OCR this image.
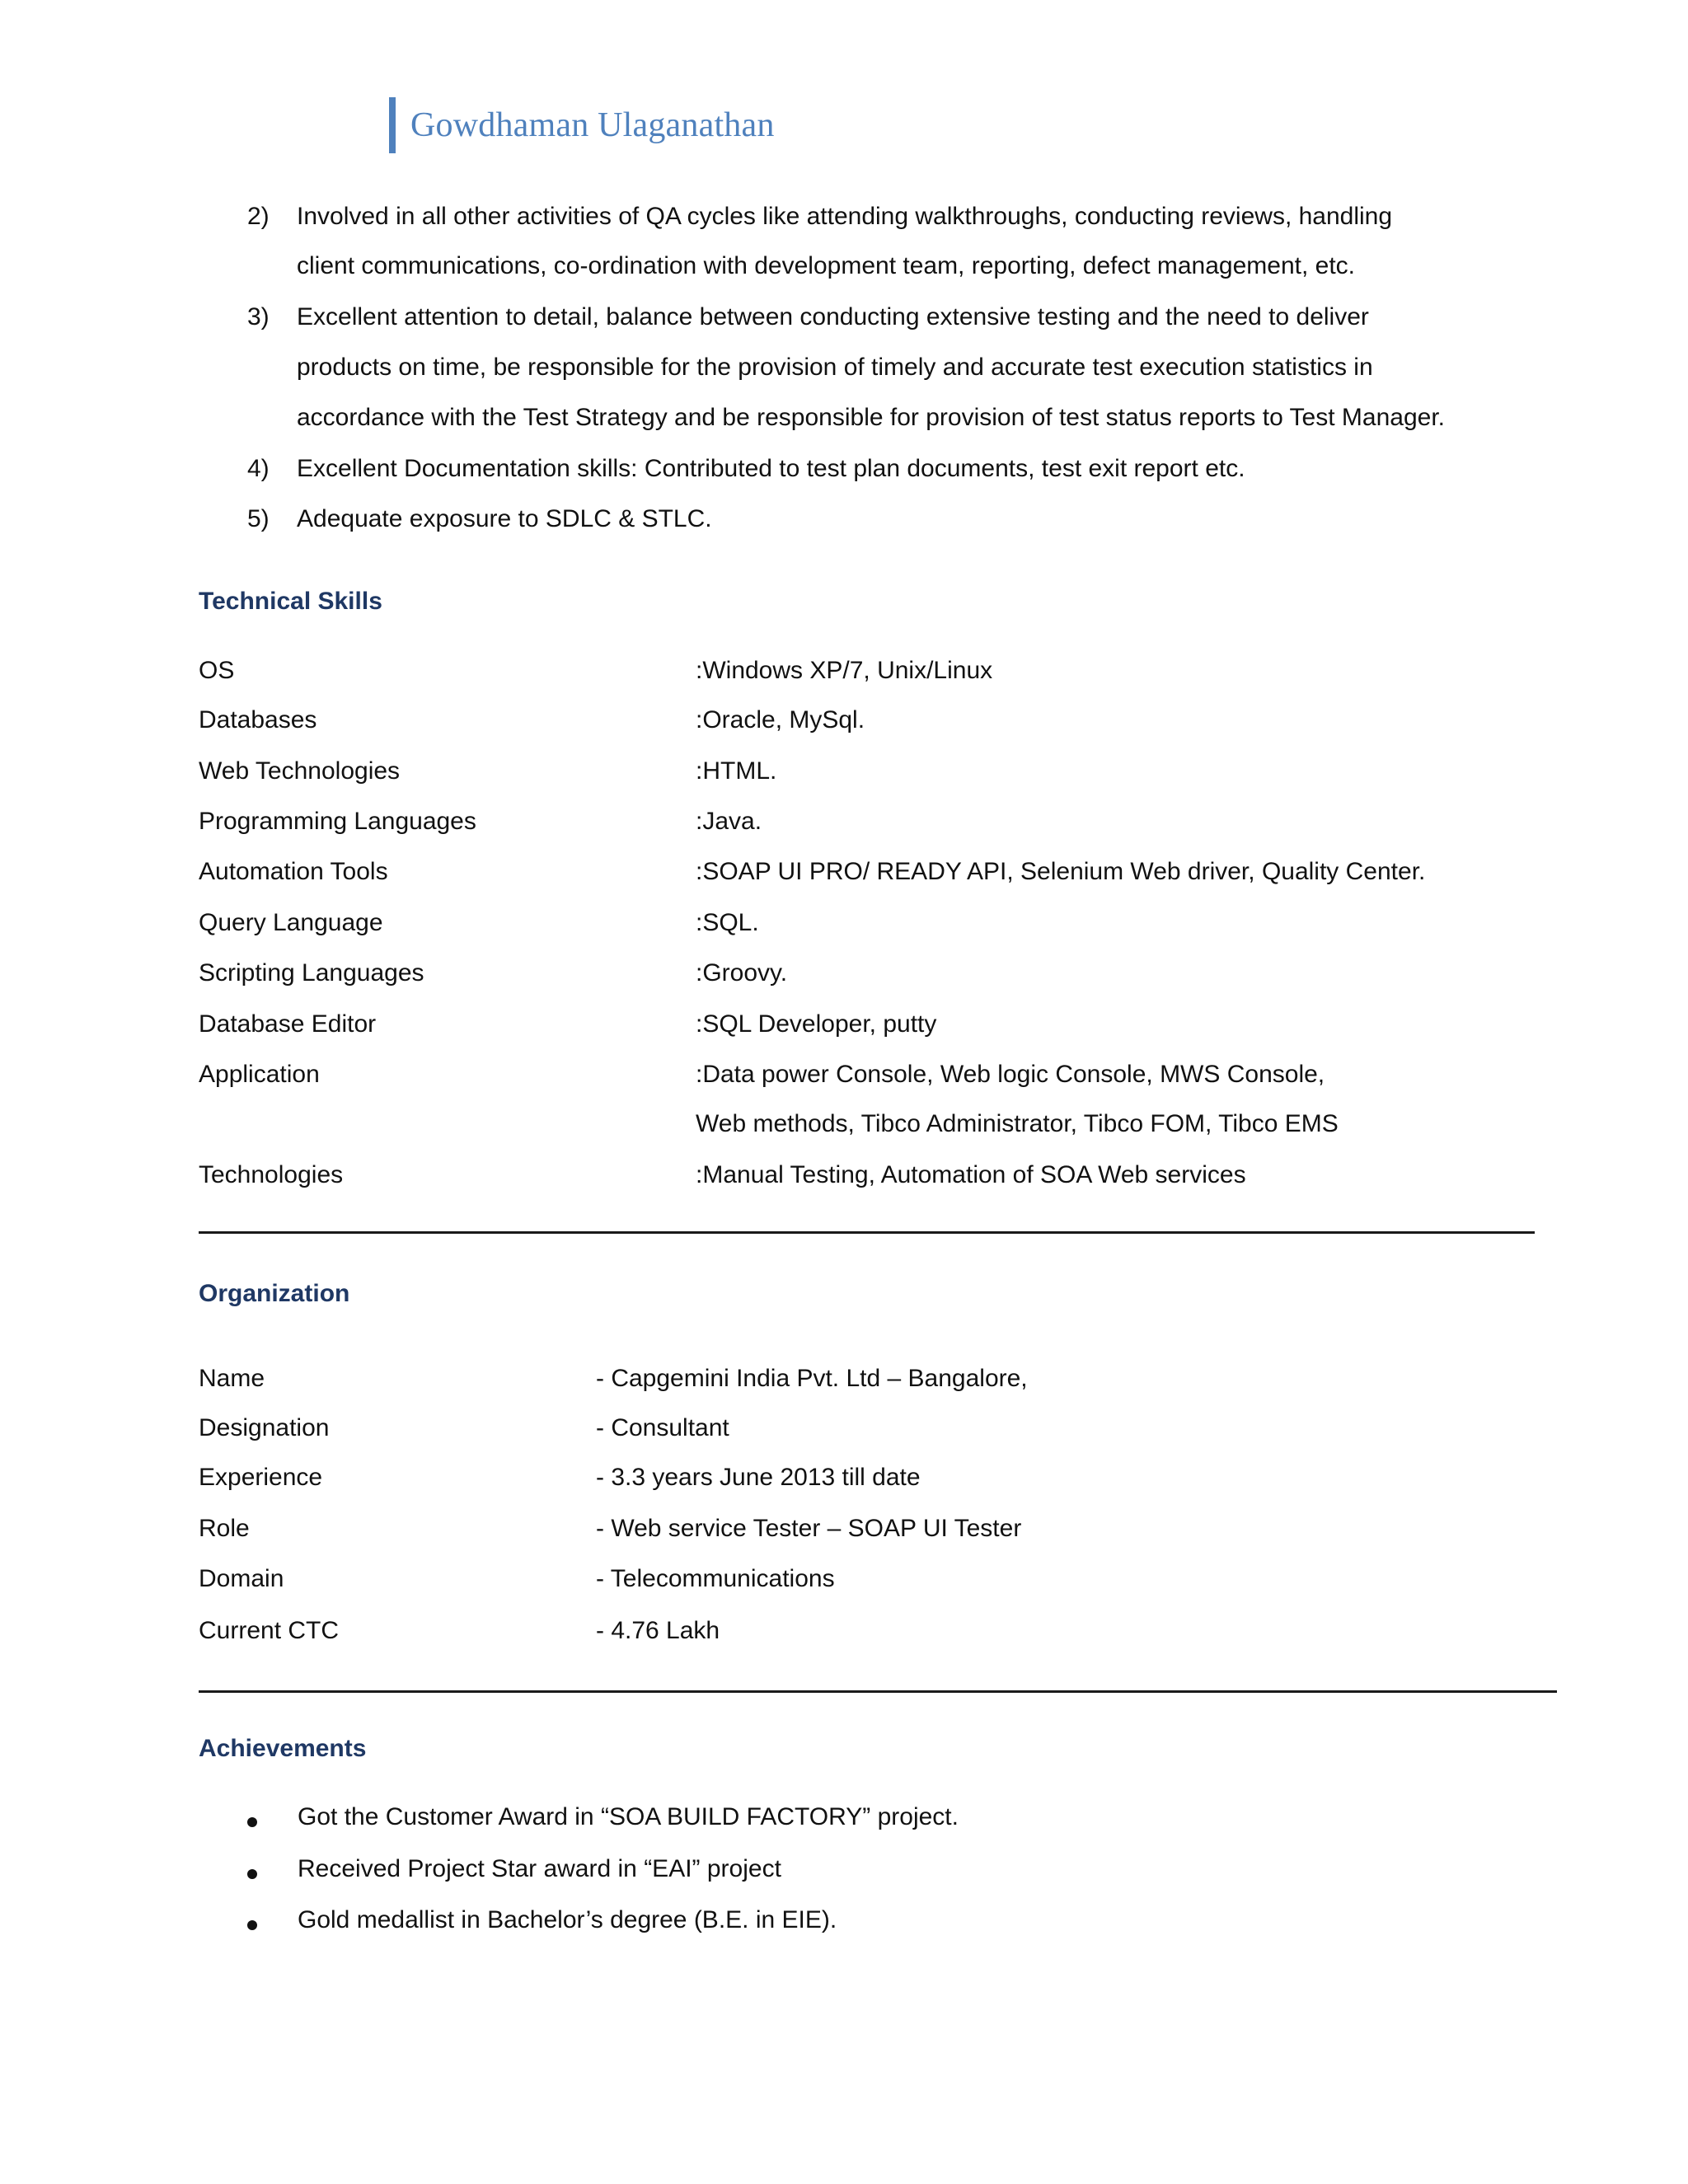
Gowdhaman Ulaganathan
2) Involved in all other activities of QA cycles like attending walkthroughs, conducting reviews, handling
client communications, co-ordination with development team, reporting, defect management, etc.
3) Excellent attention to detail, balance between conducting extensive testing and the need to deliver
products on time, be responsible for the provision of timely and accurate test execution statistics in
accordance with the Test Strategy and be responsible for provision of test status reports to Test Manager.
4) Excellent Documentation skills: Contributed to test plan documents, test exit report etc.
5) Adequate exposure to SDLC & STLC.
Technical Skills
OS	:Windows XP/7, Unix/Linux
Databases	:Oracle, MySql.
Web Technologies	:HTML.
Programming Languages	:Java.
Automation Tools	:SOAP UI PRO/ READY API, Selenium Web driver, Quality Center.
Query Language	:SQL.
Scripting Languages	:Groovy.
Database Editor	:SQL Developer, putty
Application	:Data power Console, Web logic Console, MWS Console,
Web methods, Tibco Administrator, Tibco FOM, Tibco EMS
Technologies	:Manual Testing, Automation of SOA Web services
Organization
Name	- Capgemini India Pvt. Ltd – Bangalore,
Designation	- Consultant
Experience	- 3.3 years June 2013 till date
Role	- Web service Tester – SOAP UI Tester
Domain	- Telecommunications
Current CTC	- 4.76 Lakh
Achievements
Got the Customer Award in “SOA BUILD FACTORY” project.
Received Project Star award in “EAI” project
Gold medallist in Bachelor’s degree (B.E. in EIE).
